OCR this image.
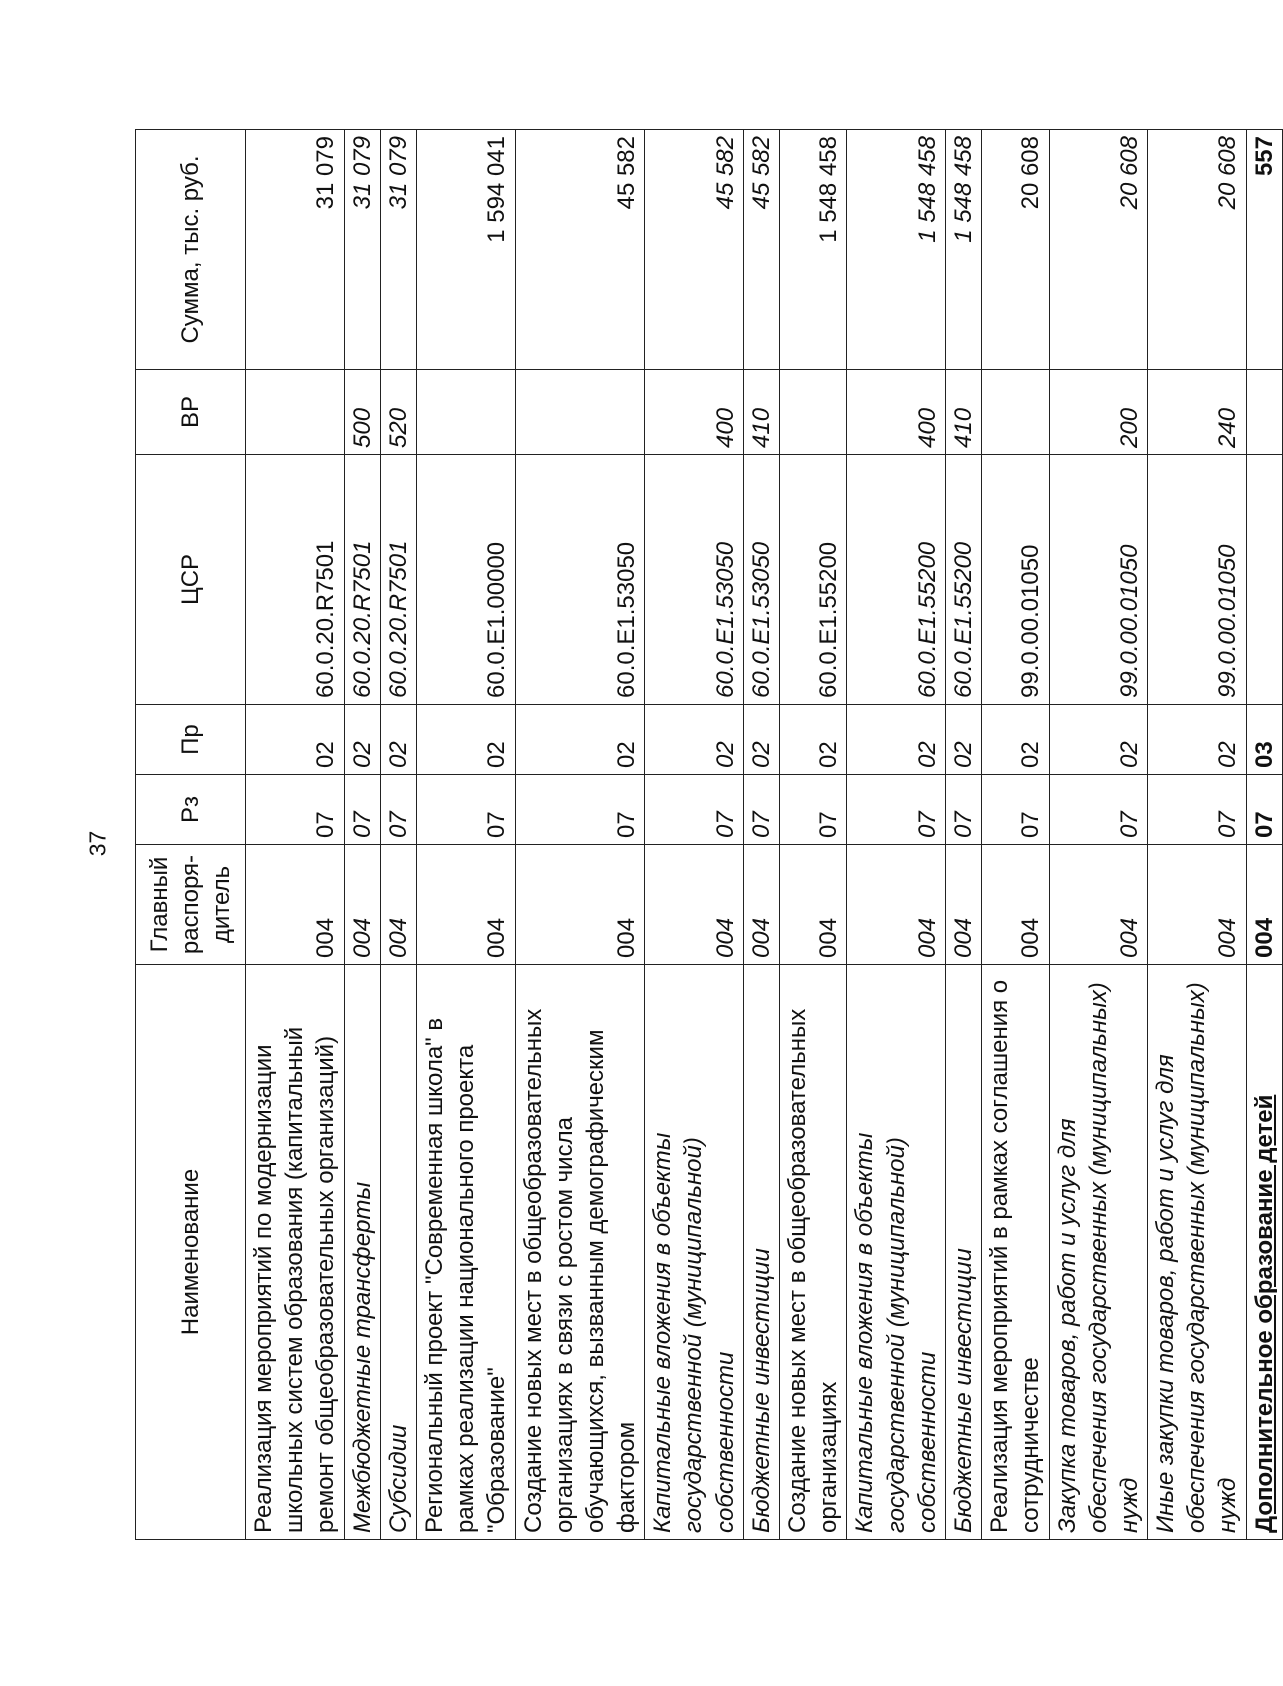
37
Наименование	Главный распоря-дитель	Рз	Пр	ЦСР	ВР	Сумма, тыс. руб.
Реализация мероприятий по модернизации школьных систем образования (капитальный ремонт общеобразовательных организаций)	004	07	02	60.0.20.R7501		31 079
Межбюджетные трансферты	004	07	02	60.0.20.R7501	500	31 079
Субсидии	004	07	02	60.0.20.R7501	520	31 079
Региональный проект "Современная школа" в рамках реализации национального проекта "Образование"	004	07	02	60.0.E1.00000		1 594 041
Создание новых мест в общеобразовательных организациях в связи с ростом числа обучающихся, вызванным демографическим фактором	004	07	02	60.0.E1.53050		45 582
Капитальные вложения в объекты государственной (муниципальной) собственности	004	07	02	60.0.E1.53050	400	45 582
Бюджетные инвестиции	004	07	02	60.0.E1.53050	410	45 582
Создание новых мест в общеобразовательных организациях	004	07	02	60.0.E1.55200		1 548 458
Капитальные вложения в объекты государственной (муниципальной) собственности	004	07	02	60.0.E1.55200	400	1 548 458
Бюджетные инвестиции	004	07	02	60.0.E1.55200	410	1 548 458
Реализация мероприятий в рамках соглашения о сотрудничестве	004	07	02	99.0.00.01050		20 608
Закупка товаров, работ и услуг для обеспечения государственных (муниципальных) нужд	004	07	02	99.0.00.01050	200	20 608
Иные закупки товаров, работ и услуг для обеспечения государственных (муниципальных) нужд	004	07	02	99.0.00.01050	240	20 608
Дополнительное образование детей	004	07	03			557
